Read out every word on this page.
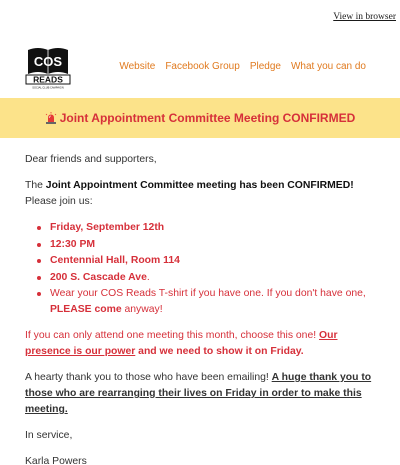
View in browser
COS
READS
SOCIAL CLUB CAMPAIGN
Website Facebook Group Pledge What you can do
Joint Appointment Committee Meeting CONFIRMED

Dear friends and supporters,

The Joint Appointment Committee meeting has been CONFIRMED! Please join us:

Friday, September 12th
12:30 PM
Centennial Hall, Room 114
200 S. Cascade Ave.
Wear your COS Reads T-shirt if you have one. If you don't have one, PLEASE come anyway!

If you can only attend one meeting this month, choose this one! Our presence is our power and we need to show it on Friday.

A hearty thank you to those who have been emailing! A huge thank you to those who are rearranging their lives on Friday in order to make this meeting.

In service,

Karla Powers
